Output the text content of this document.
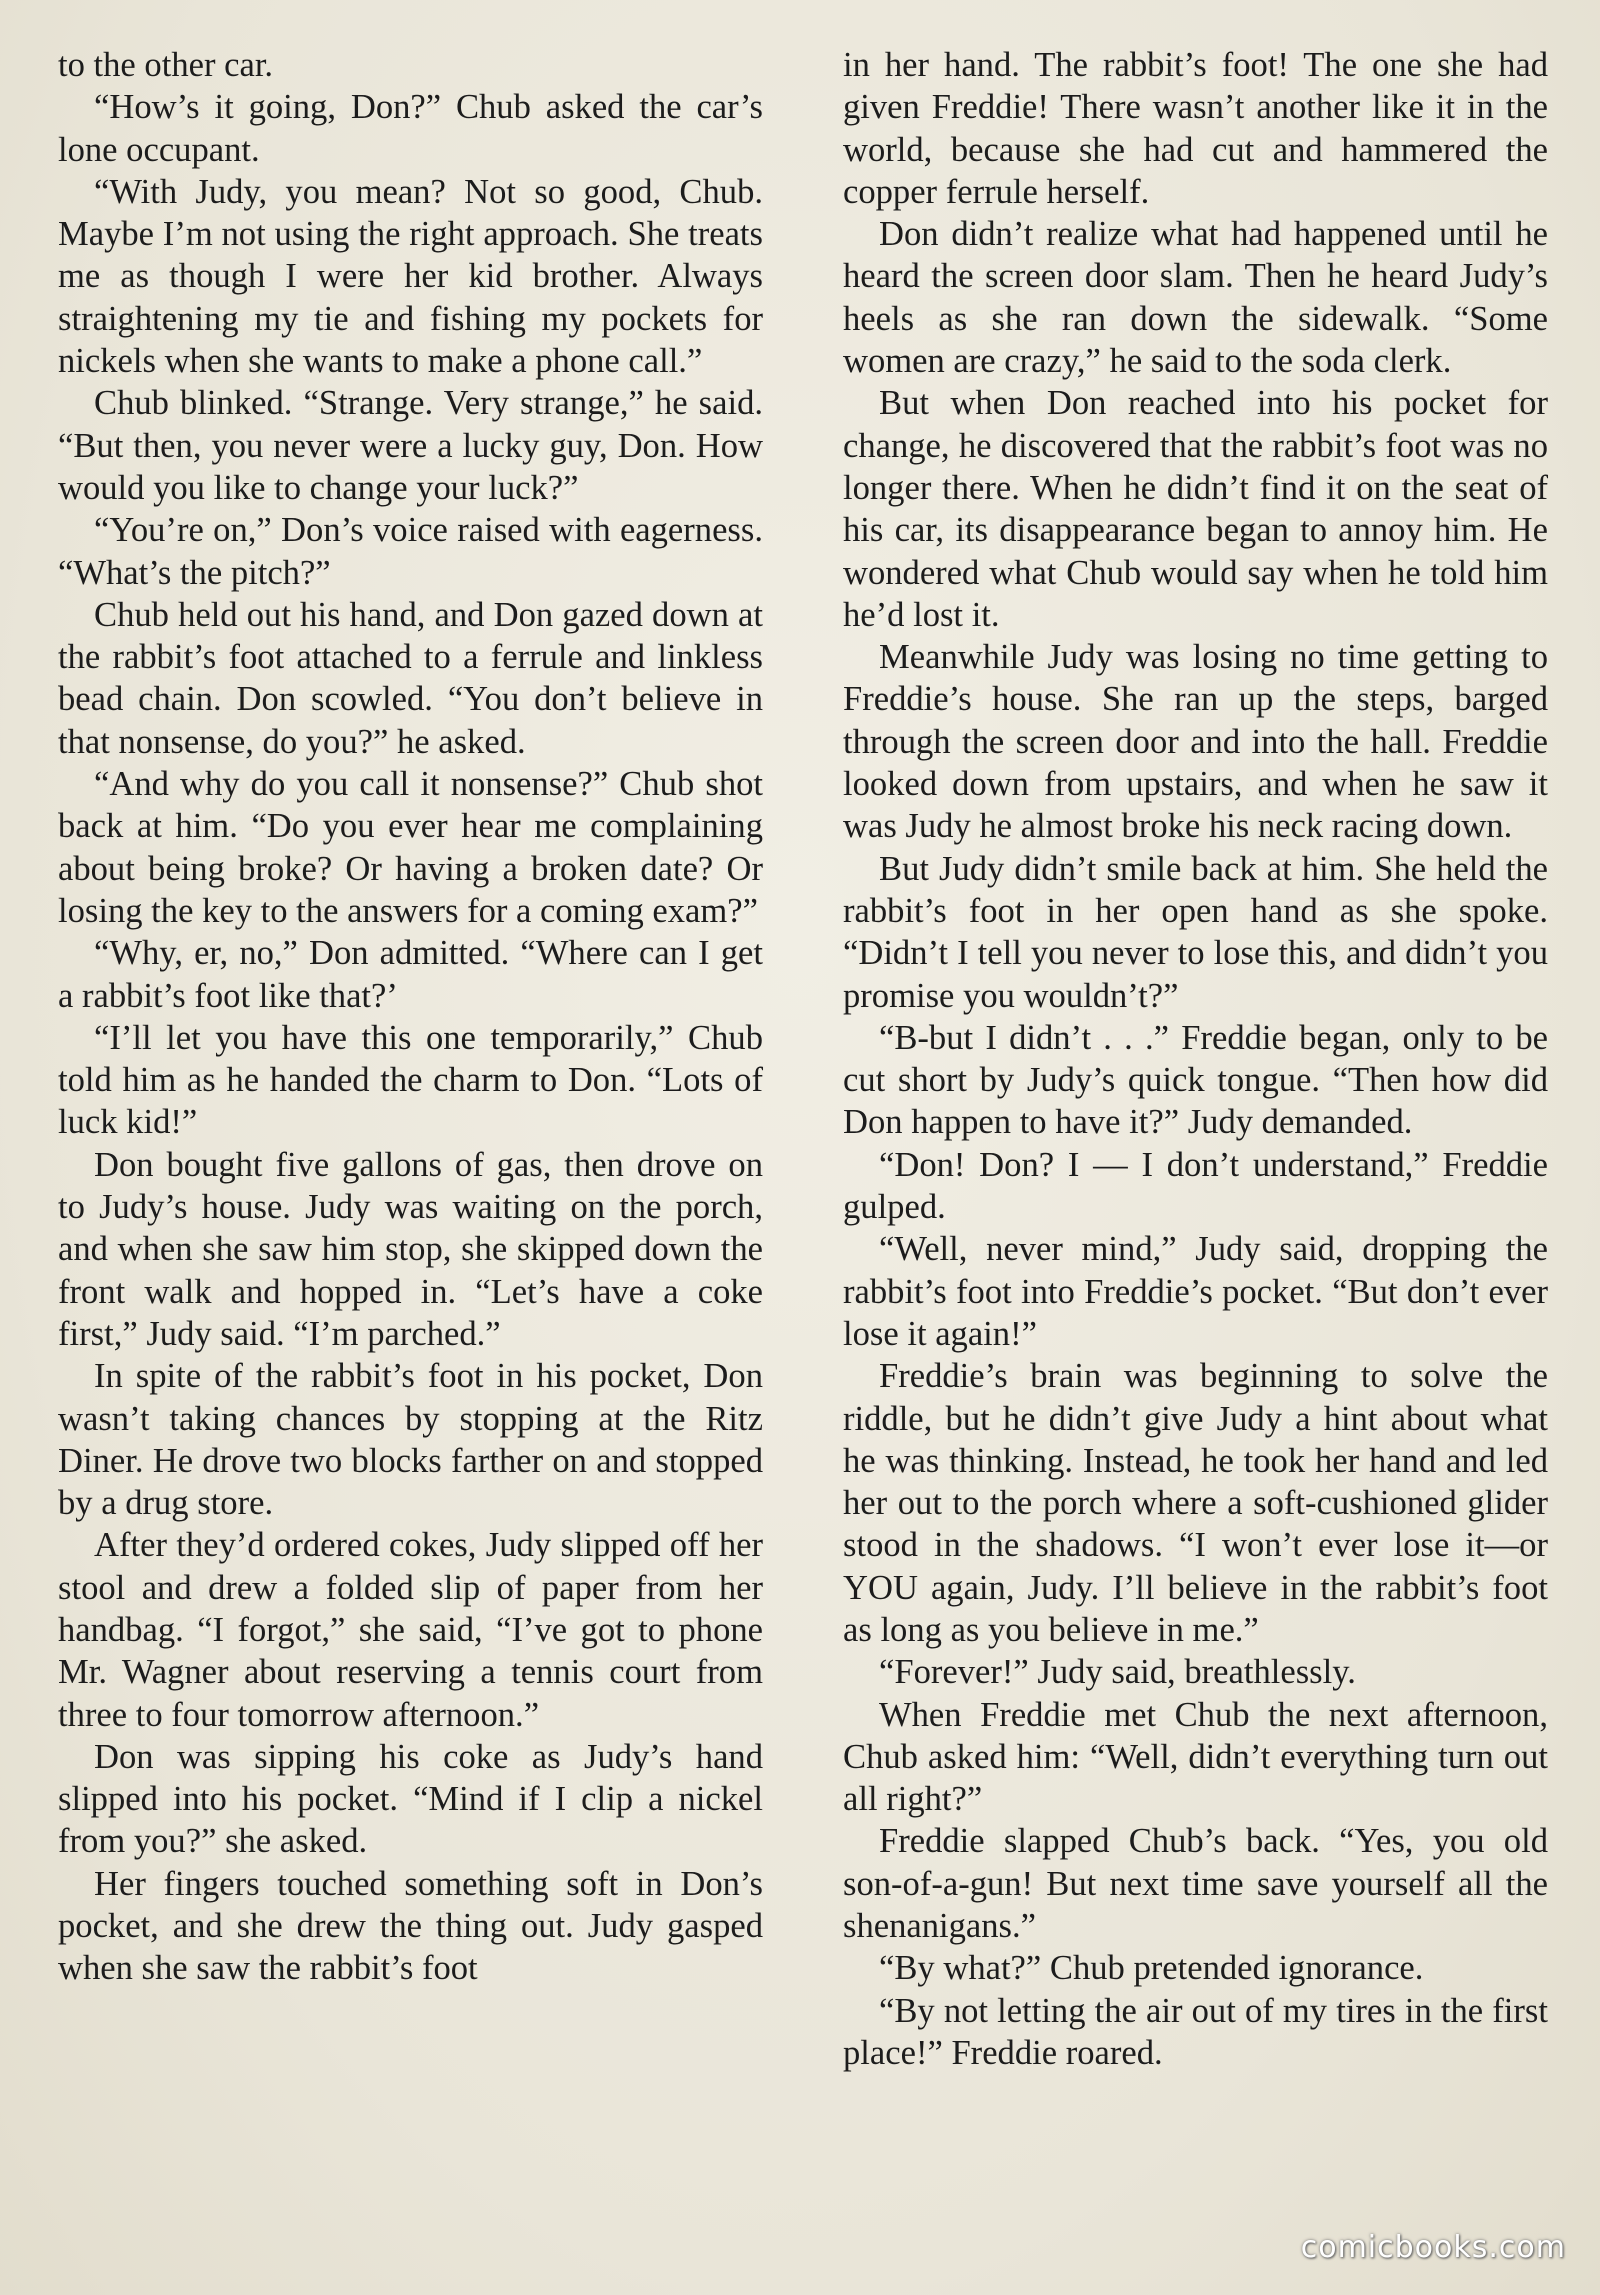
to the other car.

“How’s it going, Don?” Chub asked the car’s lone occupant.

“With Judy, you mean? Not so good, Chub. Maybe I’m not using the right approach. She treats me as though I were her kid brother. Always straightening my tie and fishing my pockets for nickels when she wants to make a phone call.”

Chub blinked. “Strange. Very strange,” he said. “But then, you never were a lucky guy, Don. How would you like to change your luck?”

“You’re on,” Don’s voice raised with eagerness. “What’s the pitch?”

Chub held out his hand, and Don gazed down at the rabbit’s foot attached to a ferrule and linkless bead chain. Don scowled. “You don’t believe in that nonsense, do you?” he asked.

“And why do you call it nonsense?” Chub shot back at him. “Do you ever hear me complaining about being broke? Or having a broken date? Or losing the key to the answers for a coming exam?”

“Why, er, no,” Don admitted. “Where can I get a rabbit’s foot like that?’

“I’ll let you have this one temporarily,” Chub told him as he handed the charm to Don. “Lots of luck kid!”

Don bought five gallons of gas, then drove on to Judy’s house. Judy was waiting on the porch, and when she saw him stop, she skipped down the front walk and hopped in. “Let’s have a coke first,” Judy said. “I’m parched.”

In spite of the rabbit’s foot in his pocket, Don wasn’t taking chances by stopping at the Ritz Diner. He drove two blocks farther on and stopped by a drug store.

After they’d ordered cokes, Judy slipped off her stool and drew a folded slip of paper from her handbag. “I forgot,” she said, “I’ve got to phone Mr. Wagner about reserving a tennis court from three to four tomorrow afternoon.”

Don was sipping his coke as Judy’s hand slipped into his pocket. “Mind if I clip a nickel from you?” she asked.

Her fingers touched something soft in Don’s pocket, and she drew the thing out. Judy gasped when she saw the rabbit’s foot

in her hand. The rabbit’s foot! The one she had given Freddie! There wasn’t another like it in the world, because she had cut and hammered the copper ferrule herself.

Don didn’t realize what had happened until he heard the screen door slam. Then he heard Judy’s heels as she ran down the sidewalk. “Some women are crazy,” he said to the soda clerk.

But when Don reached into his pocket for change, he discovered that the rabbit’s foot was no longer there. When he didn’t find it on the seat of his car, its disappearance began to annoy him. He wondered what Chub would say when he told him he’d lost it.

Meanwhile Judy was losing no time getting to Freddie’s house. She ran up the steps, barged through the screen door and into the hall. Freddie looked down from upstairs, and when he saw it was Judy he almost broke his neck racing down.

But Judy didn’t smile back at him. She held the rabbit’s foot in her open hand as she spoke. “Didn’t I tell you never to lose this, and didn’t you promise you wouldn’t?”

“B-but I didn’t . . .” Freddie began, only to be cut short by Judy’s quick tongue. “Then how did Don happen to have it?” Judy demanded.

“Don! Don? I — I don’t understand,” Freddie gulped.

“Well, never mind,” Judy said, dropping the rabbit’s foot into Freddie’s pocket. “But don’t ever lose it again!”

Freddie’s brain was beginning to solve the riddle, but he didn’t give Judy a hint about what he was thinking. Instead, he took her hand and led her out to the porch where a soft-cushioned glider stood in the shadows. “I won’t ever lose it—or YOU again, Judy. I’ll believe in the rabbit’s foot as long as you believe in me.”

“Forever!” Judy said, breathlessly.

When Freddie met Chub the next afternoon, Chub asked him: “Well, didn’t everything turn out all right?”

Freddie slapped Chub’s back. “Yes, you old son-of-a-gun! But next time save yourself all the shenanigans.”

“By what?” Chub pretended ignorance.

“By not letting the air out of my tires in the first place!” Freddie roared.

comicbooks.com
